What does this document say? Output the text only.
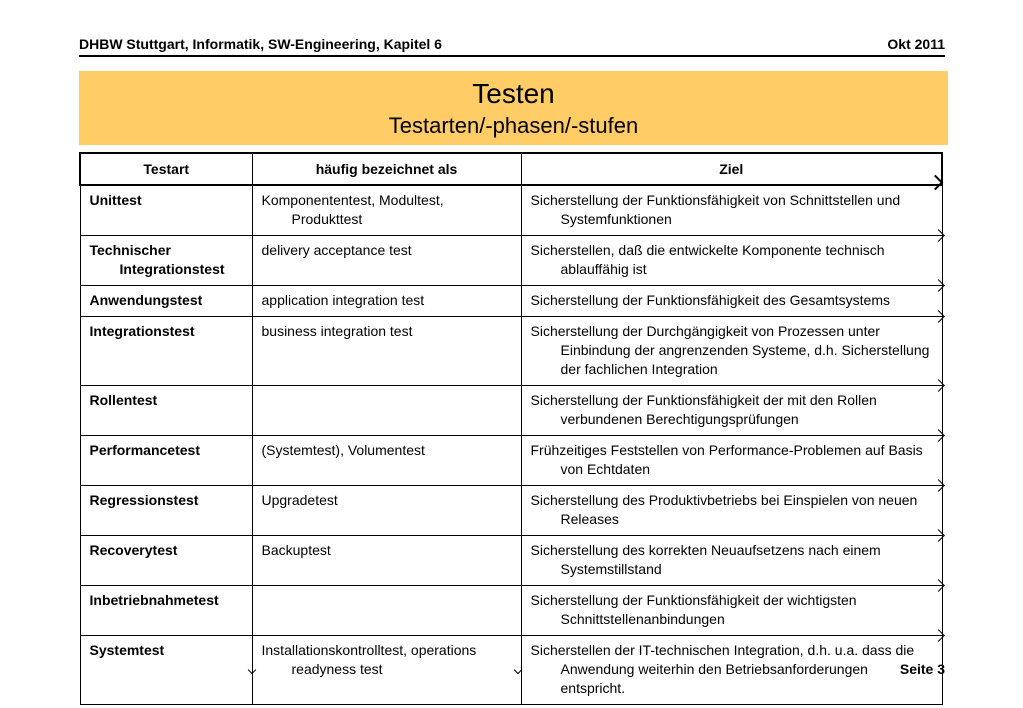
DHBW Stuttgart, Informatik, SW-Engineering, Kapitel 6	Okt 2011
Testen
Testarten/-phasen/-stufen
Testart	häufig bezeichnet als	Ziel

Unittest	Komponententest, Modultest, Produkttest	Sicherstellung der Funktionsfähigkeit von Schnittstellen und Systemfunktionen

Technischer Integrationstest	delivery acceptance test	Sicherstellen, daß die entwickelte Komponente technisch ablauffähig ist

Anwendungstest	application integration test	Sicherstellung der Funktionsfähigkeit des Gesamtsystems

Integrationstest	business integration test	Sicherstellung der Durchgängigkeit von Prozessen unter Einbindung der angrenzenden Systeme, d.h. Sicherstellung der fachlichen Integration

Rollentest		Sicherstellung der Funktionsfähigkeit der mit den Rollen verbundenen Berechtigungsprüfungen

Performancetest	(Systemtest), Volumentest	Frühzeitiges Feststellen von Performance-Problemen auf Basis von Echtdaten

Regressionstest	Upgradetest	Sicherstellung des Produktivbetriebs bei Einspielen von neuen Releases

Recoverytest	Backuptest	Sicherstellung des korrekten Neuaufsetzens nach einem Systemstillstand

Inbetriebnahmetest		Sicherstellung der Funktionsfähigkeit der wichtigsten Schnittstellenanbindungen

Systemtest	Installationskontrolltest, operations readyness test	Sicherstellen der IT-technischen Integration, d.h. u.a. dass die Anwendung weiterhin den Betriebsanforderungen entspricht.
Seite 3
